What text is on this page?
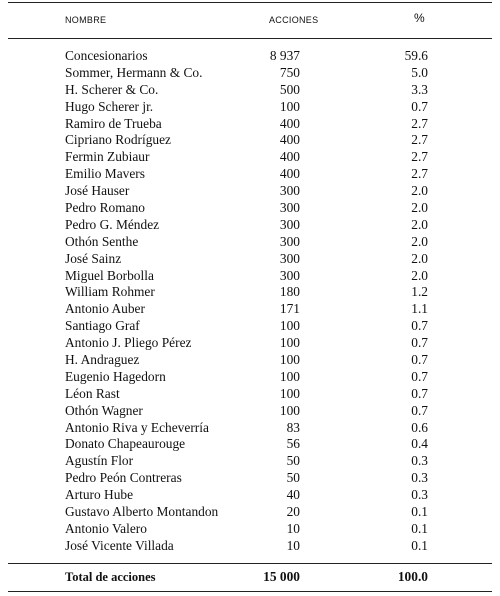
NOMBRE	ACCIONES	%
Concesionarios	8 937	59.6
Sommer, Hermann & Co.	750	5.0
H. Scherer & Co.	500	3.3
Hugo Scherer jr.	100	0.7
Ramiro de Trueba	400	2.7
Cipriano Rodríguez	400	2.7
Fermin Zubiaur	400	2.7
Emilio Mavers	400	2.7
José Hauser	300	2.0
Pedro Romano	300	2.0
Pedro G. Méndez	300	2.0
Othón Senthe	300	2.0
José Sainz	300	2.0
Miguel Borbolla	300	2.0
William Rohmer	180	1.2
Antonio Auber	171	1.1
Santiago Graf	100	0.7
Antonio J. Pliego Pérez	100	0.7
H. Andraguez	100	0.7
Eugenio Hagedorn	100	0.7
Léon Rast	100	0.7
Othón Wagner	100	0.7
Antonio Riva y Echeverría	83	0.6
Donato Chapeaurouge	56	0.4
Agustín Flor	50	0.3
Pedro Peón Contreras	50	0.3
Arturo Hube	40	0.3
Gustavo Alberto Montandon	20	0.1
Antonio Valero	10	0.1
José Vicente Villada	10	0.1
Total de acciones	15 000	100.0
